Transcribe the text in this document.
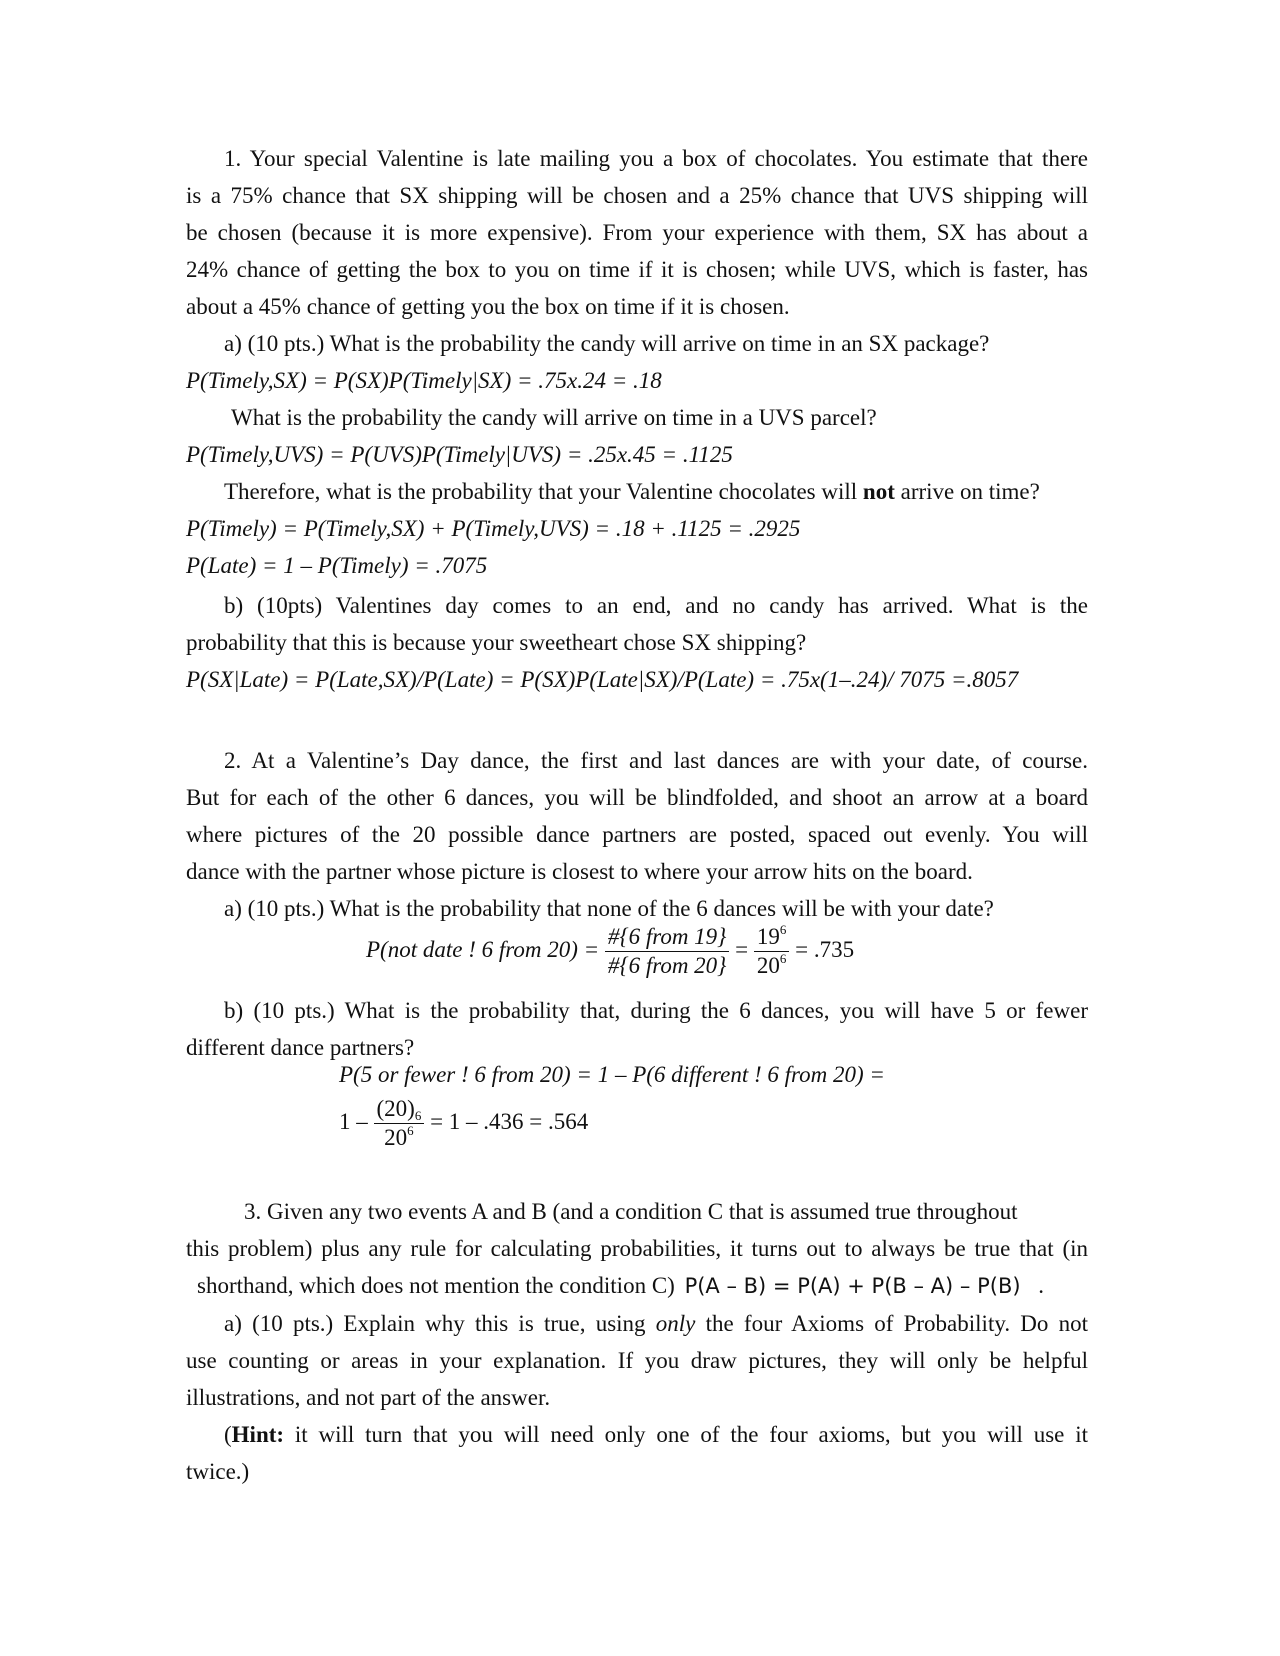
1. Your special Valentine is late mailing you a box of chocolates. You estimate that there
is a 75% chance that SX shipping will be chosen and a 25% chance that UVS shipping will
be chosen (because it is more expensive). From your experience with them, SX has about a
24% chance of getting the box to you on time if it is chosen; while UVS, which is faster, has
about a 45% chance of getting you the box on time if it is chosen.
a) (10 pts.) What is the probability the candy will arrive on time in an SX package?
P(Timely,SX) = P(SX)P(Timely|SX) = .75x.24 = .18
What is the probability the candy will arrive on time in a UVS parcel?
P(Timely,UVS) = P(UVS)P(Timely|UVS) = .25x.45 = .1125
Therefore, what is the probability that your Valentine chocolates will not arrive on time?
P(Timely) = P(Timely,SX) + P(Timely,UVS) = .18 + .1125 = .2925
P(Late) = 1 – P(Timely) = .7075
b) (10pts) Valentines day comes to an end, and no candy has arrived. What is the
probability that this is because your sweetheart chose SX shipping?
P(SX|Late) = P(Late,SX)/P(Late) = P(SX)P(Late|SX)/P(Late) = .75x(1–.24)/ 7075 =.8057
2. At a Valentine’s Day dance, the first and last dances are with your date, of course.
But for each of the other 6 dances, you will be blindfolded, and shoot an arrow at a board
where pictures of the 20 possible dance partners are posted, spaced out evenly. You will
dance with the partner whose picture is closest to where your arrow hits on the board.
a) (10 pts.) What is the probability that none of the 6 dances will be with your date?
P(not date ! 6 from $20) = \frac{\text{\#\{6 from 19\}}}{\text{\#\{6 from 20\}}} = \frac{19^6}{20^6} = .735$
b) (10 pts.) What is the probability that, during the 6 dances, you will have 5 or fewer
different dance partners?
P(5 or fewer ! 6 from 20) = 1 – P(6 different ! 6 from 20) =
$1 - \frac{(20)_6}{20^6} = 1 - .436 = .564$
3. Given any two events A and B (and a condition C that is assumed true throughout
this problem) plus any rule for calculating probabilities, it turns out to always be true that (in
shorthand, which does not mention the condition C) P(A – B) = P(A) + P(B – A) – P(B) .
a) (10 pts.) Explain why this is true, using only the four Axioms of Probability. Do not
use counting or areas in your explanation. If you draw pictures, they will only be helpful
illustrations, and not part of the answer.
(Hint: it will turn that you will need only one of the four axioms, but you will use it
twice.)
